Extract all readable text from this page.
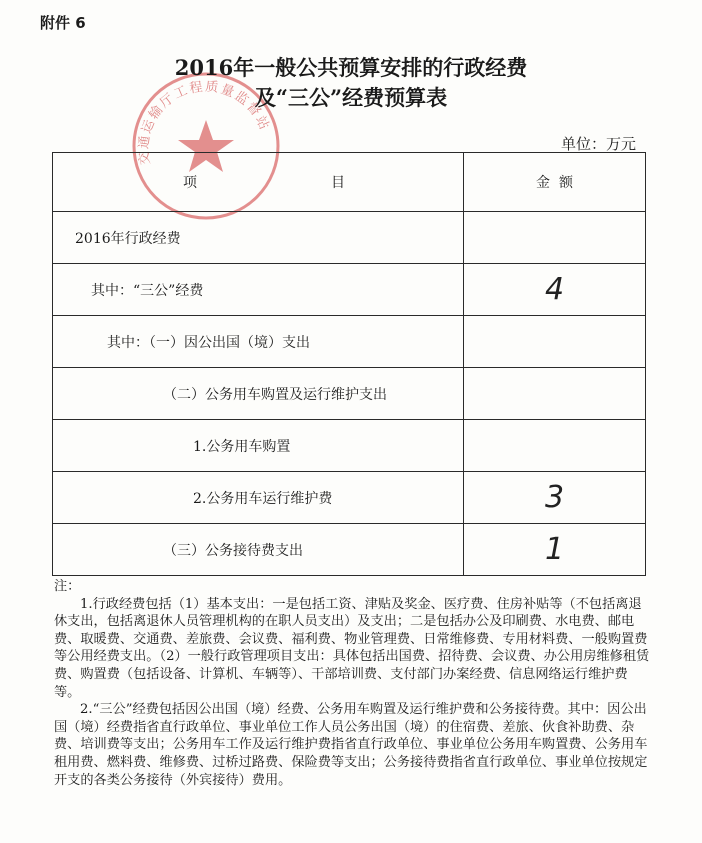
附件 6
交通运输厅工程质量监督站
2016年一般公共预算安排的行政经费
及“三公”经费预算表
单位：万元
项 目	金  额

2016年行政经费	

其中：“三公”经费	4

其中：（一）因公出国（境）支出	

（二）公务用车购置及运行维护支出	

1.公务用车购置	

2.公务用车运行维护费	3

（三）公务接待费支出	1

注：

1.行政经费包括（1）基本支出：一是包括工资、津贴及奖金、医疗费、住房补贴等（不包括离退休支出，包括离退休人员管理机构的在职人员支出）及支出；二是包括办公及印刷费、水电费、邮电费、取暖费、交通费、差旅费、会议费、福利费、物业管理费、日常维修费、专用材料费、一般购置费等公用经费支出。（2）一般行政管理项目支出：具体包括出国费、招待费、会议费、办公用房维修租赁费、购置费（包括设备、计算机、车辆等）、干部培训费、支付部门办案经费、信息网络运行维护费等。

2.“三公”经费包括因公出国（境）经费、公务用车购置及运行维护费和公务接待费。其中：因公出国（境）经费指省直行政单位、事业单位工作人员公务出国（境）的住宿费、差旅、伙食补助费、杂费、培训费等支出；公务用车工作及运行维护费指省直行政单位、事业单位公务用车购置费、公务用车租用费、燃料费、维修费、过桥过路费、保险费等支出；公务接待费指省直行政单位、事业单位按规定开支的各类公务接待（外宾接待）费用。
